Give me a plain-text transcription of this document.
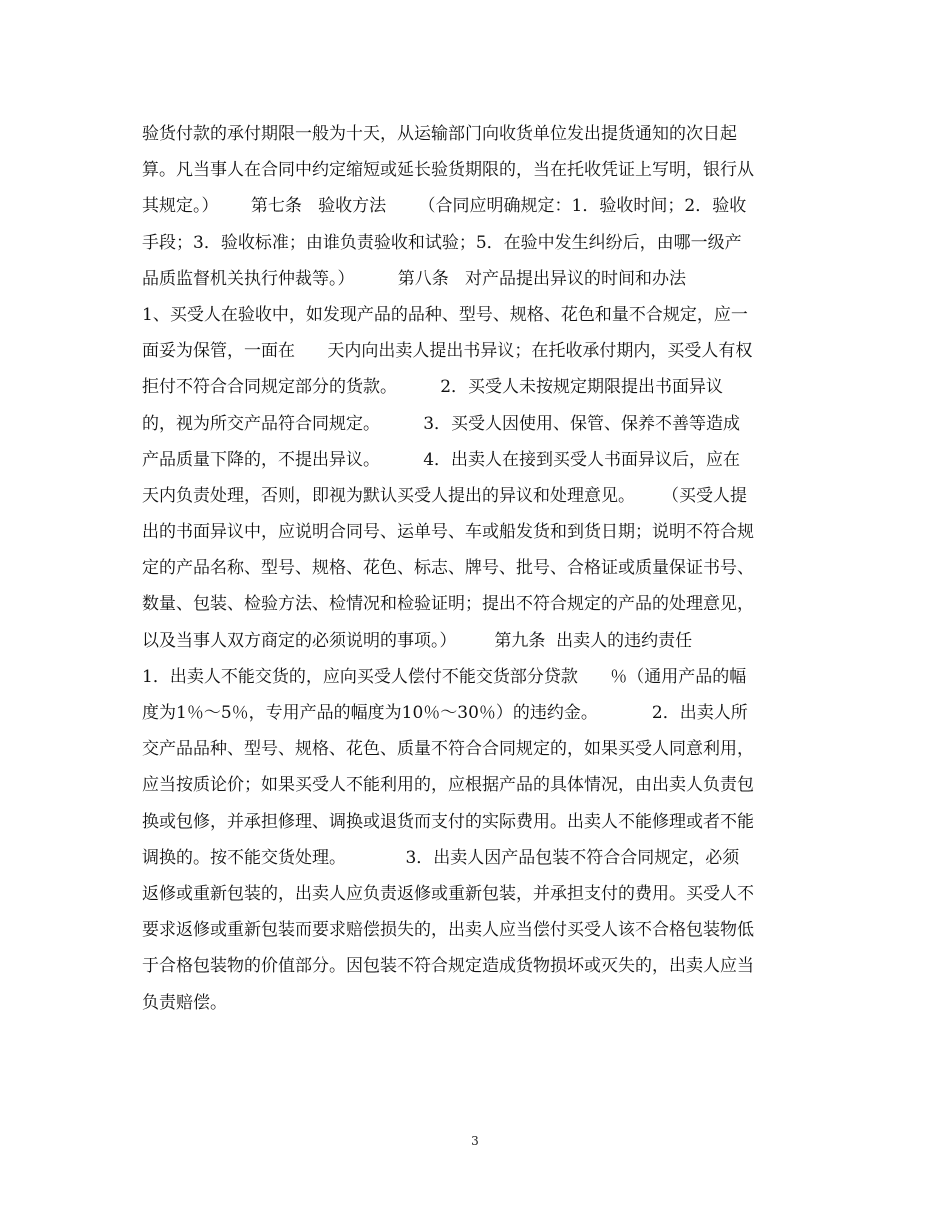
验货付款的承付期限一般为十天，从运输部门向收货单位发出提货通知的次日起
算。凡当事人在合同中约定缩短或延长验货期限的，当在托收凭证上写明，银行从
其规定。）      第七条   验收方法      （合同应明确规定：1．验收时间；2．验收
手段；3．验收标准；由谁负责验收和试验；5．在验中发生纠纷后，由哪一级产
品质监督机关执行仲裁等。）        第八条   对产品提出异议的时间和办法
1、买受人在验收中，如发现产品的品种、型号、规格、花色和量不合规定，应一
面妥为保管，一面在      天内向出卖人提出书异议；在托收承付期内，买受人有权
拒付不符合合同规定部分的货款。        2．买受人未按规定期限提出书面异议
的，视为所交产品符合同规定。        3．买受人因使用、保管、保养不善等造成
产品质量下降的，不提出异议。        4．出卖人在接到买受人书面异议后，应在
天内负责处理，否则，即视为默认买受人提出的异议和处理意见。     （买受人提
出的书面异议中，应说明合同号、运单号、车或船发货和到货日期；说明不符合规
定的产品名称、型号、规格、花色、标志、牌号、批号、合格证或质量保证书号、
数量、包装、检验方法、检情况和检验证明；提出不符合规定的产品的处理意见，
以及当事人双方商定的必须说明的事项。）       第九条  出卖人的违约责任
1．出卖人不能交货的，应向买受人偿付不能交货部分贷款      ％（通用产品的幅
度为1％～5％，专用产品的幅度为10％～30％）的违约金。          2．出卖人所
交产品品种、型号、规格、花色、质量不符合合同规定的，如果买受人同意利用，
应当按质论价；如果买受人不能利用的，应根据产品的具体情况，由出卖人负责包
换或包修，并承担修理、调换或退货而支付的实际费用。出卖人不能修理或者不能
调换的。按不能交货处理。           3．出卖人因产品包装不符合合同规定，必须
返修或重新包装的，出卖人应负责返修或重新包装，并承担支付的费用。买受人不
要求返修或重新包装而要求赔偿损失的，出卖人应当偿付买受人该不合格包装物低
于合格包装物的价值部分。因包装不符合规定造成货物损坏或灭失的，出卖人应当
负责赔偿。
3
